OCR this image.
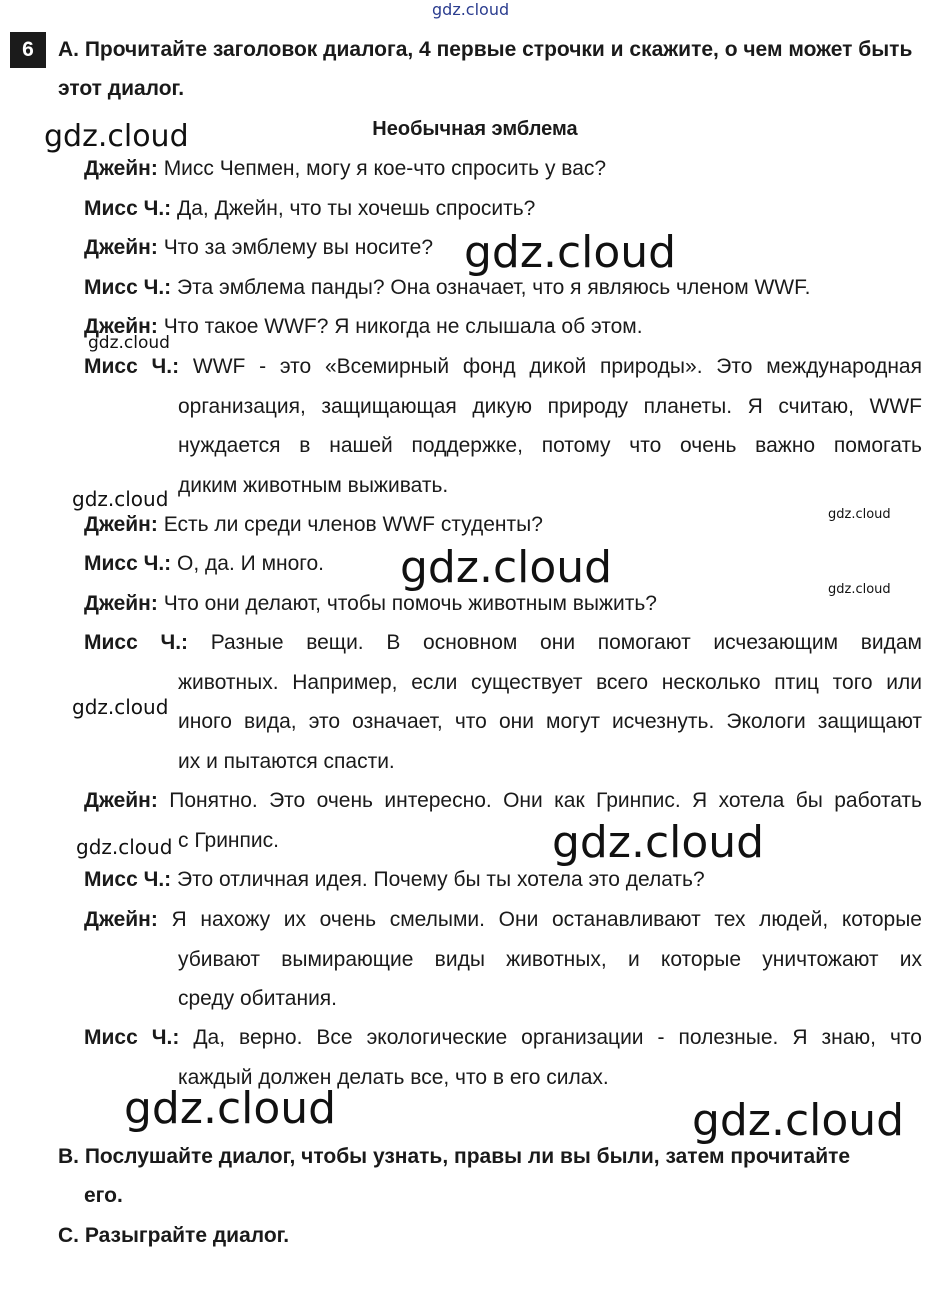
gdz.cloud
gdz.cloud
gdz.cloud
gdz.cloud
gdz.cloud
gdz.cloud
gdz.cloud	gdz.cloud
gdz.cloud
gdz.cloud	gdz.cloud
gdz.cloud	gdz.cloud
6	А. Прочитайте заголовок диалога, 4 первые строчки и скажите, о чем может быть этот диалог.
Необычная эмблема
Джейн: Мисс Чепмен, могу я кое-что спросить у вас?
Мисс Ч.: Да, Джейн, что ты хочешь спросить?
Джейн: Что за эмблему вы носите?
Мисс Ч.: Эта эмблема панды? Она означает, что я являюсь членом WWF.
Джейн: Что такое WWF? Я никогда не слышала об этом.
Мисс Ч.: WWF - это «Всемирный фонд дикой природы». Это международная
организация, защищающая дикую природу планеты. Я считаю, WWF
нуждается в нашей поддержке, потому что очень важно помогать
диким животным выживать.
Джейн: Есть ли среди членов WWF студенты?
Мисс Ч.: О, да. И много.
Джейн: Что они делают, чтобы помочь животным выжить?
Мисс Ч.: Разные вещи. В основном они помогают исчезающим видам
животных. Например, если существует всего несколько птиц того или
иного вида, это означает, что они могут исчезнуть. Экологи защищают
их и пытаются спасти.
Джейн: Понятно. Это очень интересно. Они как Гринпис. Я хотела бы работать
с Гринпис.
Мисс Ч.: Это отличная идея. Почему бы ты хотела это делать?
Джейн: Я нахожу их очень смелыми. Они останавливают тех людей, которые
убивают вымирающие виды животных, и которые уничтожают их
среду обитания.
Мисс Ч.: Да, верно. Все экологические организации - полезные. Я знаю, что
каждый должен делать все, что в его силах.
В. Послушайте диалог, чтобы узнать, правы ли вы были, затем прочитайте
его.
С. Разыграйте диалог.
